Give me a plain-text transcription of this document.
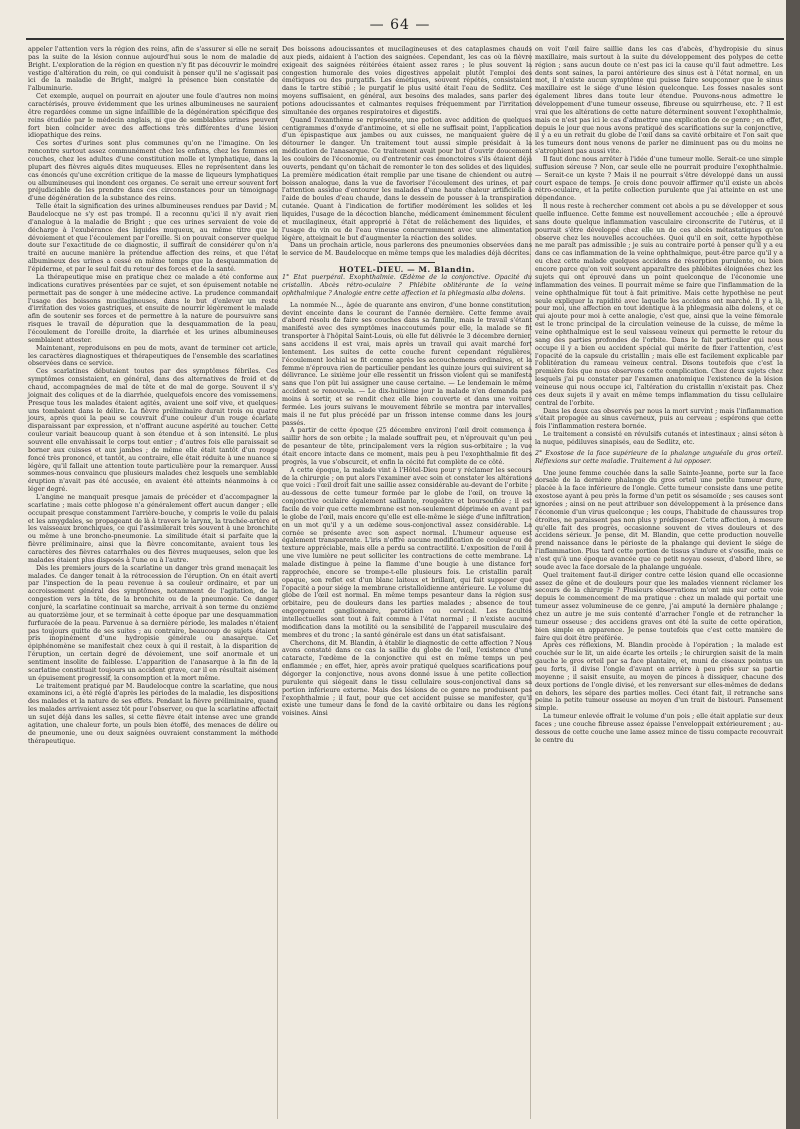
— 64 —

appeler l'attention vers la région des reins, afin de s'assurer si elle ne serait pas la suite de la lésion connue aujourd'hui sous le nom de maladie de Bright. L'exploration de la région en question n'y fit pas découvrir le moindre vestige d'altération du rein, ce qui conduisit à penser qu'il ne s'agissait pas ici de la maladie de Bright, malgré la présence bien constatée de l'albuminurie.

Cet exemple, auquel on pourrait en ajouter une foule d'autres non moins caractérisés, prouve évidemment que les urines albumineuses ne sauraient être regardées comme un signe infaillible de la dégénération spécifique des reins étudiée par le médecin anglais, ni que de semblables urines peuvent fort bien coïncider avec des affections très différentes d'une lésion idiopathique des reins.

Ces sortes d'urines sont plus communes qu'on ne l'imagine. On les rencontre surtout assez communément chez les enfans, chez les femmes en couches, chez les adultes d'une constitution molle et lymphatique, dans la plupart des fièvres aiguës dites muqueuses. Elles ne représentent dans les cas énoncés qu'une excrétion critique de la masse de liqueurs lymphatiques ou albumineuses qui inondent ces organes. Ce serait une erreur souvent fort préjudiciable de les prendre dans ces circonstances pour un témoignage d'une dégénération de la substance des reins.

Telle était la signification des urines albumineuses rendues par David ; M. Baudelocque ne s'y est pas trompé. Il a reconnu qu'ici il n'y avait rien d'analogue à la maladie de Bright ; que ces urines servaient de voie de décharge à l'exubérance des liquides muqueux, au même titre que le dévoiement et que l'écoulement par l'oreille. Si on pouvait conserver quelque doute sur l'exactitude de ce diagnostic, il suffirait de considérer qu'on n'a traité en aucune manière la prétendue affection des reins, et que l'état albumineux des urines a cessé en même temps que la desquammation de l'épiderme, et par le seul fait du retour des forces et de la santé.

La thérapeutique mise en pratique chez ce malade a été conforme aux indications curatives présentées par ce sujet, et son épuisement notable ne permettait pas de songer à une médecine active. La prudence commandait l'usage des boissons mucilagineuses, dans le but d'enlever un reste d'irritation des voies gastriques, et ensuite de nourrir légèrement le malade afin de soutenir ses forces et de permettre à la nature de poursuivre sans risques le travail de dépuration que la desquammation de la peau, l'écoulement de l'oreille droite, la diarrhée et les urines albumineuses semblaient attester.

Maintenant, reproduisons en peu de mots, avant de terminer cet article, les caractères diagnostiques et thérapeutiques de l'ensemble des scarlatines observées dans ce service.

Ces scarlatines débutaient toutes par des symptômes fébriles. Ces symptômes consistaient, en général, dans des alternatives de froid et de chaud, accompagnées de mal de tête et de mal de gorge. Souvent il s'y joignait des coliques et de la diarrhée, quelquefois encore des vomissemens. Presque tous les malades étaient agités, avaient une soif vive, et quelques-uns tombaient dans le délire. La fièvre préliminaire durait trois ou quatre jours, après quoi la peau se couvrait d'une couleur d'un rouge écarlate disparaissant par expression, et n'offrant aucune aspérité au toucher. Cette couleur variait beaucoup quant à son étendue et à son intensité. Le plus souvent elle envahissait le corps tout entier ; d'autres fois elle paraissait se borner aux cuisses et aux jambes ; de même elle était tantôt d'un rouge foncé très prononcé, et tantôt, au contraire, elle était réduite à une nuance si légère, qu'il fallait une attention toute particulière pour la remarquer. Aussi sommes-nous convaincu que plusieurs malades chez lesquels une semblable éruption n'avait pas été accusée, en avaient été atteints néanmoins à ce léger degré.

L'angine ne manquait presque jamais de précéder et d'accompagner la scarlatine ; mais cette phlogose n'a généralement offert aucun danger ; elle occupait presque constamment l'arrière-bouche, y compris le voile du palais et les amygdales, se propageant de là à travers le larynx, la trachée-artère et les vaisseaux bronchiques, ce qui l'assimilerait très souvent à une bronchite ou même à une broncho-pneumonie. La similitude était si parfaite que la fièvre préliminaire, ainsi que la fièvre concomitante, avaient tous les caractères des fièvres catarrhales ou des fièvres muqueuses, selon que les malades étaient plus disposés à l'une ou à l'autre.

Dès les premiers jours de la scarlatine un danger très grand menaçait les malades. Ce danger tenait à la rétrocession de l'éruption. On en était averti par l'inspection de la peau revenue à sa couleur ordinaire, et par un accroissement général des symptômes, notamment de l'agitation, de la congestion vers la tête, de la bronchite ou de la pneumonie. Ce danger conjuré, la scarlatine continuait sa marche, arrivait à son terme du onzième au quatorzième jour, et se terminait à cette époque par une desquammation furfuracée de la peau. Parvenue à sa dernière période, les malades n'étaient pas toujours quitte de ses suites ; au contraire, beaucoup de sujets étaient pris inopinément d'une hydropisie générale ou anasarque. Cet épiphénomène se manifestait chez ceux à qui il restait, à la disparition de l'éruption, un certain degré de dévoiement, une soif anormale et un sentiment insolite de faiblesse. L'apparition de l'anasarque à la fin de la scarlatine constituait toujours un accident grave, car il en résultait aisément un épuisement progressif, la consomption et la mort même.

Le traitement pratiqué par M. Baudelocque contre la scarlatine, que nous examinons ici, a été réglé d'après les périodes de la maladie, les dispositions des malades et la nature de ses effets. Pendant la fièvre préliminaire, quand les malades arrivaient assez tôt pour l'observer, ou que la scarlatine affectait un sujet déjà dans les salles, si cette fièvre était intense avec une grande agitation, une chaleur forte, un pouls bien étoffé, des menaces de délire ou de pneumonie, une ou deux saignées ouvraient constamment la méthode thérapeutique.

Des boissons adoucissantes et mucilagineuses et des cataplasmes chauds aux pieds, aidaient à l'action des saignées. Cependant, les cas où la fièvre exigeait des saignées réitérées étaient assez rares ; le plus souvent la congestion humorale des voies digestives appelait plutôt l'emploi des émétiques ou des purgatifs. Les émétiques, souvent répétés, consistaient dans le tartre stibié ; le purgatif le plus usité était l'eau de Sedlitz. Ces moyens suffisaient, en général, aux besoins des malades, sans parler des potions adoucissantes et calmantes requises fréquemment par l'irritation simultanée des organes respiratoires et digestifs.

Quand l'exanthème se représente, une potion avec addition de quelques centigrammes d'oxyde d'antimoine, et si elle ne suffisait point, l'application d'un épispastique aux jambes ou aux cuisses, ne manquaient guère de détourner le danger. Un traitement tout aussi simple présidait à la médication de l'anasarque. Ce traitement avait pour but d'ouvrir doucement les couloirs de l'économie, ou d'entretenir ces émonctoires s'ils étaient déjà ouverts, pendant qu'on tâchait de remonter le ton des solides et des liquides. La première médication était remplie par une tisane de chiendent ou autre boisson analogue, dans la vue de favoriser l'écoulement des urines, et par l'attention assidue d'entourer les malades d'une haute chaleur artificielle à l'aide de boules d'eau chaude, dans le dessein de pousser à la transpiration cutanée. Quant à l'indication de fortifier modérément les solides et les liquides, l'usage de la décoction blanche, médicament éminemment féculent et mucilagineux, était approprié à l'état de relâchement des liquides, et l'usage du vin ou de l'eau vineuse concurremment avec une alimentation légère, atteignait le but d'augmenter la réaction des solides.

Dans un prochain article, nous parlerons des pneumonies observées dans le service de M. Baudelocque en même temps que les maladies déjà décrites.

HOTEL-DIEU. — M. Blandin.

1° Etat puerpéral. Exophthalmie. Œdème de la conjonctive. Opacité du cristallin. Abcès rétro-oculaire ? Phlébite oblitérante de la veine ophthalmique ? Analogie entre cette affection et la phlegmasia alba dolens.

La nommée N..., âgée de quarante ans environ, d'une bonne constitution, devint enceinte dans le courant de l'année dernière. Cette femme avait d'abord résolu de faire ses couches dans sa famille, mais le travail s'étant manifesté avec des symptômes inaccoutumés pour elle, la malade se fit transporter à l'hôpital Saint-Louis, où elle fut délivrée le 3 décembre dernier, sans accidens il est vrai, mais après un travail qui avait marché fort lentement. Les suites de cette couche furent cependant régulières, l'écoulement lochial se fit comme après les accouchemens ordinaires, et la femme n'éprouva rien de particulier pendant les quinze jours qui suivirent sa délivrance. Le sixième jour elle ressentit un frisson violent qui se manifesta sans que l'on pût lui assigner une cause certaine. — Le lendemain le même accident se renouvela. — Le dix-huitième jour la malade n'en demanda pas moins à sortir, et se rendit chez elle bien couverte et dans une voiture fermée. Les jours suivans le mouvement fébrile se montra par intervalles, mais il ne fut plus précédé par un frisson intense comme dans les jours passés.

A partir de cette époque (25 décembre environ) l'œil droit commença à saillir hors de son orbite ; la malade souffrait peu, et n'éprouvait qu'un peu de pesanteur de tête, principalement vers la région sus-orbitaire ; la vue était encore intacte dans ce moment, mais peu à peu l'exophthalmie fit des progrès, la vue s'obscurcit, et enfin la cécité fut complète de ce côté.

A cette époque, la malade vint à l'Hôtel-Dieu pour y réclamer les secours de la chirurgie ; on put alors l'examiner avec soin et constater les altérations que voici : l'œil droit fait une saillie assez considérable au-devant de l'orbite ; au-dessous de cette tumeur formée par le globe de l'œil, on trouve la conjonctive oculaire également saillante, rougeâtre et boursouflée ; il est facile de voir que cette membrane est non-seulement déprimée en avant par le globe de l'œil, mais encore qu'elle est elle-même le siége d'une infiltration, en un mot qu'il y a un œdème sous-conjonctival assez considérable. La cornée se présente avec son aspect normal. L'humeur aqueuse est également transparente. L'iris n'offre aucune modification de couleur ou de texture appréciable, mais elle a perdu sa contractilité. L'exposition de l'œil à une vive lumière ne peut solliciter les contractions de cette membrane. La malade distingue à peine la flamme d'une bougie à une distance fort rapprochée, encore se trompe-t-elle plusieurs fois. Le cristallin paraît opaque, son reflet est d'un blanc laiteux et brillant, qui fait supposer que l'opacité a pour siége la membrane cristalloïdienne antérieure. Le volume du globe de l'œil est normal. En même temps pesanteur dans la région sus-orbitaire, peu de douleurs dans les parties malades ; absence de tout engorgement ganglionnaire, parotidien ou cervical. Les facultés intellectuelles sont tout à fait comme à l'état normal ; il n'existe aucune modification dans la motilité ou la sensibilité de l'appareil musculaire des membres et du tronc ; la santé générale est dans un état satisfaisant.

Cherchons, dit M. Blandin, à établir le diagnostic de cette affection ? Nous avons constaté dans ce cas la saillie du globe de l'œil, l'existence d'une cataracte, l'œdème de la conjonctive qui est en même temps un peu enflammée ; en effet, hier, après avoir pratiqué quelques scarifications pour dégorger la conjonctive, nous avons donné issue à une petite collection purulente qui siégeait dans le tissu cellulaire sous-conjonctival dans sa portion inférieure externe. Mais des lésions de ce genre ne produisent pas l'exophthalmie ; il faut, pour que cet accident puisse se manifester, qu'il existe une tumeur dans le fond de la cavité orbitaire ou dans les régions voisines. Ainsi

on voit l'œil faire saillie dans les cas d'abcès, d'hydropisie du sinus maxillaire, mais surtout à la suite du développement des polypes de cette région ; sans aucun doute ce n'est pas ici la cause qu'il faut admettre. Les dents sont saines, la paroi antérieure des sinus est à l'état normal, en un mot, il n'existe aucun symptôme qui puisse faire soupçonner que le sinus maxillaire est le siége d'une lésion quelconque. Les fosses nasales sont également libres dans toute leur étendue. Pouvons-nous admettre le développement d'une tumeur osseuse, fibreuse ou squirrheuse, etc. ? Il est vrai que les altérations de cette nature déterminent souvent l'exophthalmie, mais ce n'est pas ici le cas d'admettre une explication de ce genre ; en effet, depuis le jour que nous avons pratiqué des scarifications sur la conjonctive, il y a eu un retrait du globe de l'œil dans sa cavité orbitaire et l'on sait que les tumeurs dont nous venons de parler ne diminuent pas ou du moins ne s'atrophient pas aussi vite.

Il faut donc nous arrêter à l'idée d'une tumeur molle. Serait-ce une simple suffusion séreuse ? Non, car seule elle ne pourrait produire l'exophthalmie. — Serait-ce un kyste ? Mais il ne pourrait s'être développé dans un aussi court espace de temps. Je crois donc pouvoir affirmer qu'il existe un abcès rétro-oculaire, et la petite collection purulente que j'ai atteinte en est une dépendance.

Il nous reste à rechercher comment cet abcès a pu se développer et sous quelle influence. Cette femme est nouvellement accouchée ; elle a éprouvé sans doute quelque inflammation vasculaire circonscrite de l'utérus, et il pourrait s'être développé chez elle un de ces abcès métastatiques qu'on observe chez les nouvelles accouchées. Quoi qu'il en soit, cette hypothèse ne me paraît pas admissible ; je suis au contraire porté à penser qu'il y a eu dans ce cas inflammation de la veine ophthalmique, peut-être parce qu'il y a eu chez cette malade quelques accidens de résorption purulente, ou bien encore parce qu'on voit souvent apparaître des phlébites éloignées chez les sujets qui ont éprouvé dans un point quelconque de l'économie une inflammation des veines. Il pourrait même se faire que l'inflammation de la veine ophthalmique fût tout à fait primitive. Mais cette hypothèse ne peut seule expliquer la rapidité avec laquelle les accidens ont marché. Il y a là, pour moi, une affection en tout identique à la phlegmasia alba dolens, et ce qui ajoute pour moi à cette analogie, c'est que, ainsi que la veine fémorale est le tronc principal de la circulation veineuse de la cuisse, de même la veine ophthalmique est le seul vaisseau veineux qui permette le retour du sang des parties profondes de l'orbite. Dans le fait particulier qui nous occupe il y a bien eu accident spécial qui mérite de fixer l'attention, c'est l'opacité de la capsule du cristallin ; mais elle est facilement explicable par l'oblitération du rameau veineux central. Disons toutefois que c'est la première fois que nous observons cette complication. Chez deux sujets chez lesquels j'ai pu constater par l'examen anatomique l'existence de la lésion veineuse qui nous occupe ici, l'altération du cristallin n'existait pas. Chez ces deux sujets il y avait en même temps inflammation du tissu cellulaire central de l'orbite.

Dans les deux cas observés par nous la mort survint ; mais l'inflammation s'était propagée au sinus caverneux, puis au cerveau ; espérons que cette fois l'inflammation restera bornée.

Le traitement a consisté en révulsifs cutanés et intestinaux ; ainsi séton à la nuque, pédiluves sinapisés, eau de Sedlitz, etc.

2° Exostose de la face supérieure de la phalange unguéale du gros orteil. Réflexions sur cette maladie. Traitement à lui opposer.

Une jeune femme couchée dans la salle Sainte-Jeanne, porte sur la face dorsale de la dernière phalange du gros orteil une petite tumeur dure, placée à la face inférieure de l'ongle. Cette tumeur consiste dans une petite exostose ayant à peu près la forme d'un petit os sésamoïde ; ses causes sont ignorées ; ainsi on ne peut attribuer son développement à la présence dans l'économie d'un virus quelconque ; les coups, l'habitude de chaussures trop étroites, ne paraissent pas non plus y prédisposer. Cette affection, à mesure qu'elle fait des progrès, occasionne souvent de vives douleurs et des accidens sérieux. Je pense, dit M. Blandin, que cette production nouvelle prend naissance dans le périoste de la phalange qui devient le siége de l'inflammation. Plus tard cette portion de tissus s'indure et s'ossifie, mais ce n'est qu'à une époque avancée que ce petit noyau osseux, d'abord libre, se soude avec la face dorsale de la phalange unguéale.

Quel traitement faut-il diriger contre cette lésion quand elle occasionne assez de gêne et de douleurs pour que les malades viennent réclamer les secours de la chirurgie ? Plusieurs observations m'ont mis sur cette voie depuis le commencement de ma pratique : chez un malade qui portait une tumeur assez volumineuse de ce genre, j'ai amputé la dernière phalange ; chez un autre je me suis contenté d'arracher l'ongle et de retrancher la tumeur osseuse ; des accidens graves ont été la suite de cette opération, bien simple en apparence. Je pense toutefois que c'est cette manière de faire qui doit être préférée.

Après ces réflexions, M. Blandin procède à l'opération ; la malade est couchée sur le lit, un aide écarte les orteils ; le chirurgien saisit de la main gauche le gros orteil par sa face plantaire, et, muni de ciseaux pointus un peu forts, il divise l'ongle d'avant en arrière à peu près sur sa partie moyenne ; il saisit ensuite, au moyen de pinces à dissiquer, chacune des deux portions de l'ongle divisé, et les renversant sur elles-mêmes de dedans en dehors, les sépare des parties molles. Ceci étant fait, il retranche sans peine la petite tumeur osseuse au moyen d'un trait de bistouri. Pansement simple.

La tumeur enlevée offrait le volume d'un pois ; elle était applatie sur deux faces ; une couche fibreuse assez épaisse l'enveloppait extérieurement ; au-dessous de cette couche une lame assez mince de tissu compacte recouvrait le centre du
